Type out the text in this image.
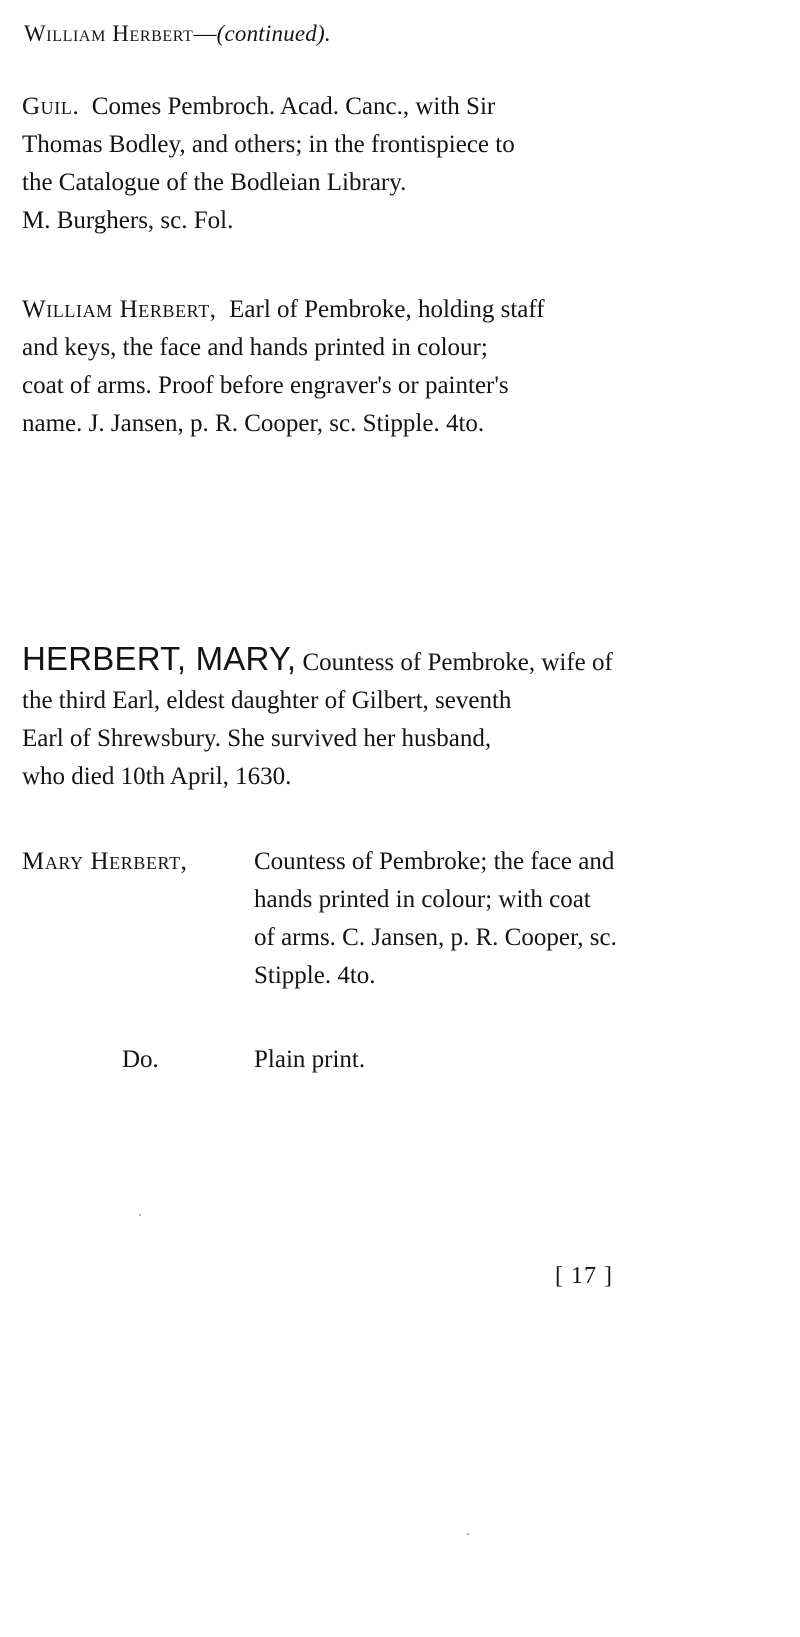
William Herbert—(continued).
Guil. Comes Pembroch. Acad. Canc., with Sir
Thomas Bodley, and others; in the frontispiece to
the Catalogue of the Bodleian Library.
M. Burghers, sc. Fol.
William Herbert, Earl of Pembroke, holding staff
and keys, the face and hands printed in colour;
coat of arms. Proof before engraver's or painter's
name. J. Jansen, p. R. Cooper, sc. Stipple. 4to.
HERBERT, MARY, Countess of Pembroke, wife of
the third Earl, eldest daughter of Gilbert, seventh
Earl of Shrewsbury. She survived her husband,
who died 10th April, 1630.
Mary Herbert,	Countess of Pembroke; the face and
hands printed in colour; with coat
of arms. C. Jansen, p. R. Cooper, sc.
Stipple. 4to.
Do.	Plain print.
[ 17 ]
